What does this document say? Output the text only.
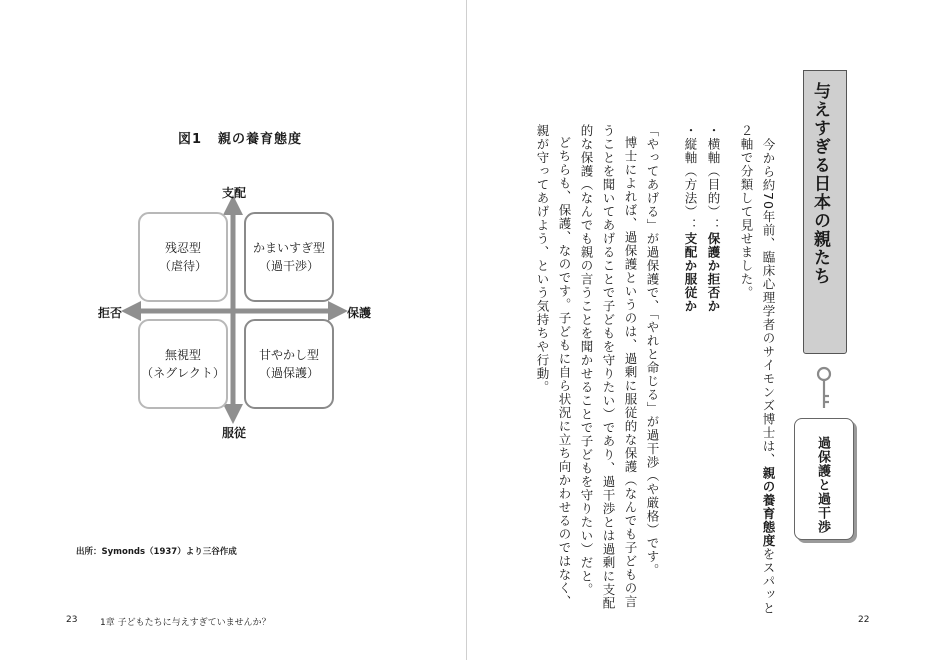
図1 親の養育態度
支配
服従
拒否	保護
残忍型
（虐待）
かまいすぎ型
（過干渉）
無視型
（ネグレクト）
甘やかし型
（過保護）
出所：Symonds（1937）より三谷作成
23	1章 子どもたちに与えすぎていませんか？
与えすぎる日本の親たち
過保護と過干渉
今から約70年前、臨床心理学者のサイモンズ博士は、親の養育態度をスパッと
２軸で分類して見せました。
・横軸（目的）：保護か拒否か
・縦軸（方法）：支配か服従か
「やってあげる」が過保護で、「やれと命じる」が過干渉（や厳格）です。
博士によれば、過保護というのは、過剰に服従的な保護（なんでも子どもの言
うことを聞いてあげることで子どもを守りたい）であり、過干渉とは過剰に支配
的な保護（なんでも親の言うことを聞かせることで子どもを守りたい）だと。
どちらも、保護、なのです。子どもに自ら状況に立ち向かわせるのではなく、
親が守ってあげよう、という気持ちや行動。
22
